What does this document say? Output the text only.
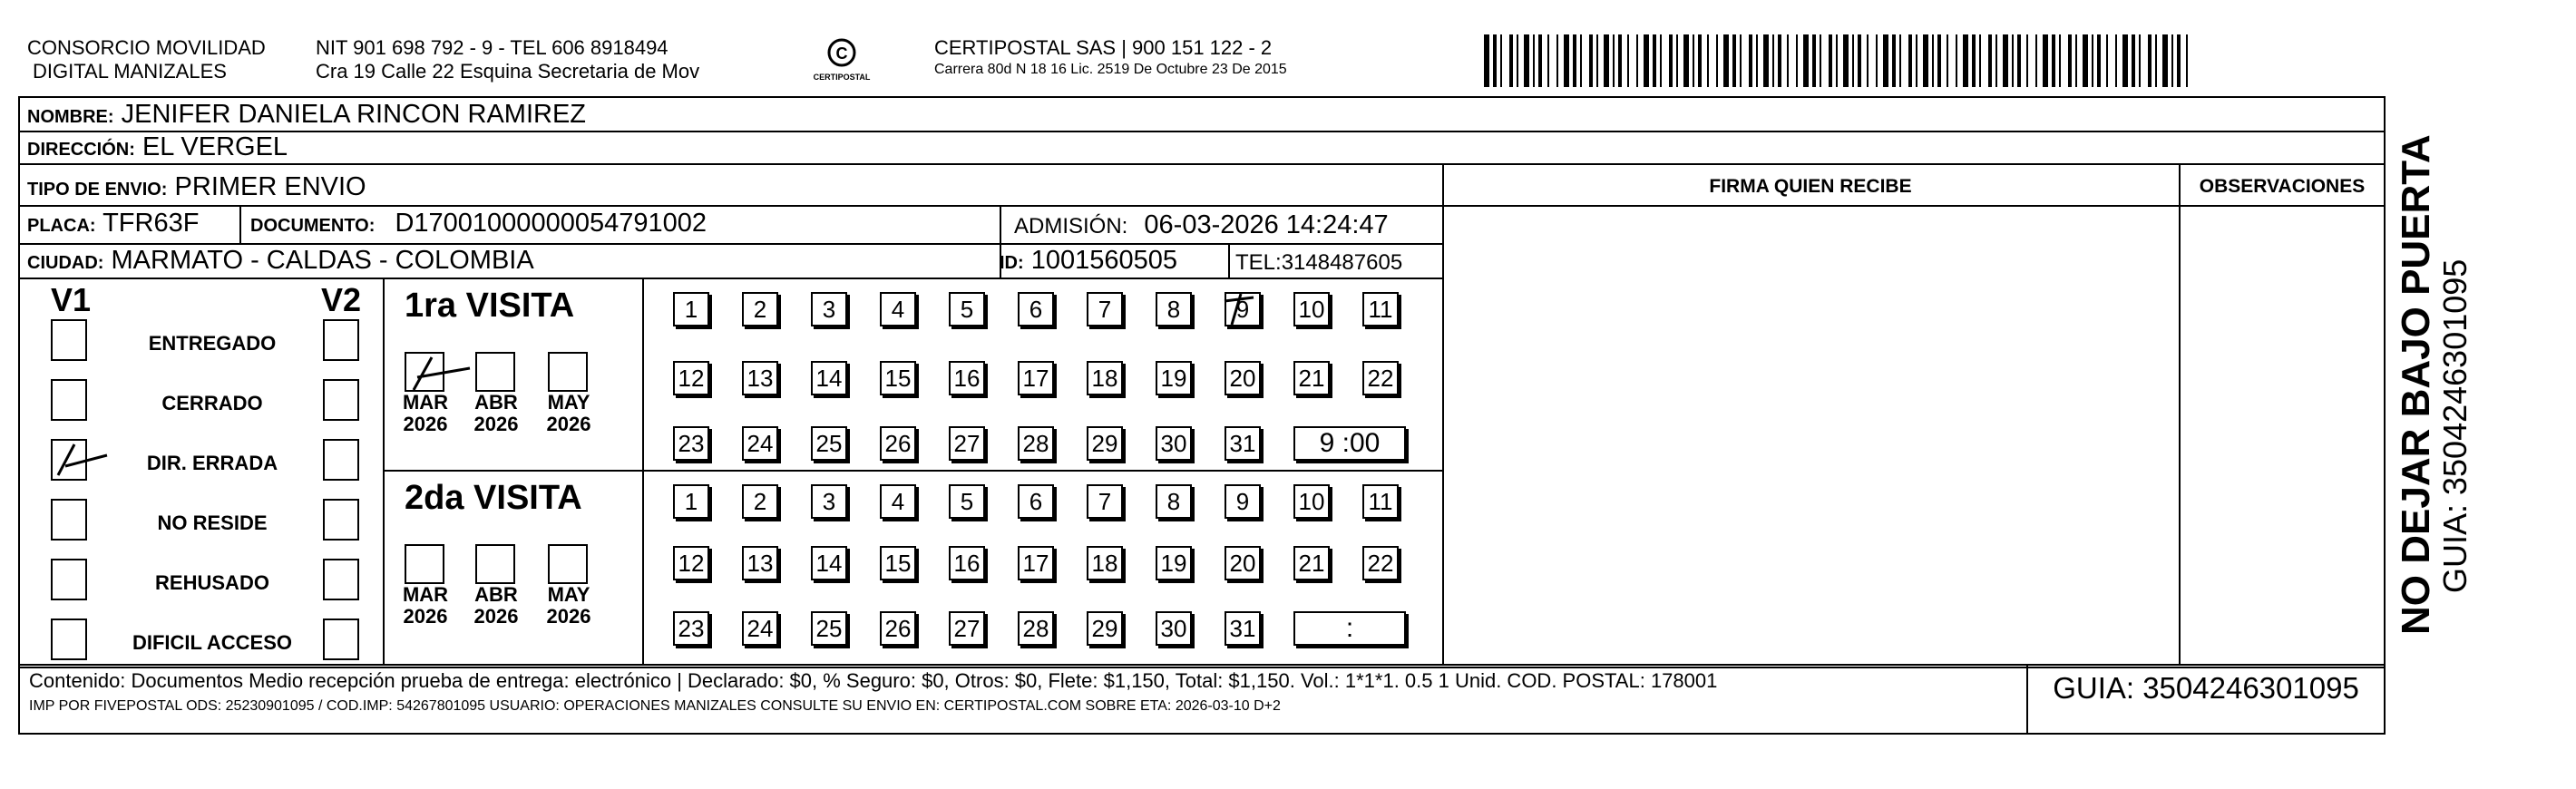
CONSORCIO MOVILIDAD
DIGITAL MANIZALES
NIT 901 698 792 - 9 - TEL 606 8918494
Cra 19 Calle 22 Esquina Secretaria de Mov
C
CERTIPOSTAL
CERTIPOSTAL SAS | 900 151 122 - 2
Carrera 80d N 18 16 Lic. 2519 De Octubre 23 De 2015
NOMBRE: JENIFER DANIELA RINCON RAMIREZ
DIRECCIÓN: EL VERGEL
TIPO DE ENVIO: PRIMER ENVIO
PLACA: TFR63F	DOCUMENTO: D17001000000054791002	ADMISIÓN: 06-03-2026 14:24:47
CIUDAD: MARMATO - CALDAS - COLOMBIA	ID: 1001560505	TEL:3148487605
FIRMA QUIEN RECIBE	OBSERVACIONES
V1	V2
ENTREGADO
CERRADO
DIR. ERRADA
NO RESIDE
REHUSADO
DIFICIL ACCESO
1ra VISITA
2da VISITA
MAR
2026
ABR
2026
MAY
2026
MAR
2026
ABR
2026
MAY
2026
1	2	3	4	5	6	7	8	9	10 11
12 13 14 15 16 17 18 19 20 21 22
23 24 25 26 27 28 29 30 31	9 :00
1	2	3	4	5	6	7	8	9	10 11
12 13 14 15 16 17 18 19 20 21 22
23 24 25 26 27 28 29 30 31	:
Contenido: Documentos Medio recepción prueba de entrega: electrónico | Declarado: $0, % Seguro: $0, Otros: $0, Flete: $1,150, Total: $1,150. Vol.: 1*1*1. 0.5 1 Unid. COD. POSTAL: 178001
IMP POR FIVEPOSTAL ODS: 25230901095 / COD.IMP: 54267801095 USUARIO: OPERACIONES MANIZALES CONSULTE SU ENVIO EN: CERTIPOSTAL.COM SOBRE ETA: 2026-03-10 D+2
GUIA: 3504246301095
NO DEJAR BAJO PUERTA
GUIA: 3504246301095
